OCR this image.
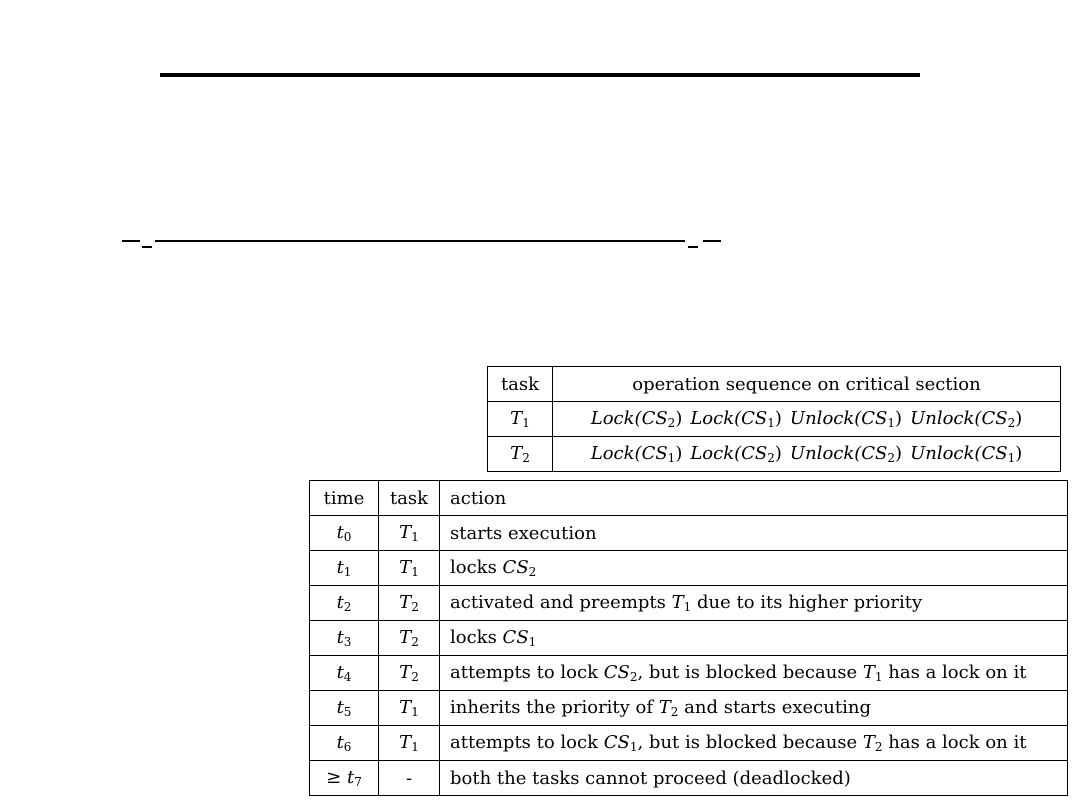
task	operation sequence on critical section
$T_1$	$Lock(CS_2)$ $Lock(CS_1)$ $Unlock(CS_1)$ $Unlock(CS_2)$
$T_2$	$Lock(CS_1)$ $Lock(CS_2)$ $Unlock(CS_2)$ $Unlock(CS_1)$
time	task	action
$t_0$	$T_1$	starts execution
$t_1$	$T_1$	locks $CS_2$
$t_2$	$T_2$	activated and preempts $T_1$ due to its higher priority
$t_3$	$T_2$	locks $CS_1$
$t_4$	$T_2$	attempts to lock $CS_2$, but is blocked because $T_1$ has a lock on it
$t_5$	$T_1$	inherits the priority of $T_2$ and starts executing
$t_6$	$T_1$	attempts to lock $CS_1$, but is blocked because $T_2$ has a lock on it
≥ $t_7$	-	both the tasks cannot proceed (deadlocked)
